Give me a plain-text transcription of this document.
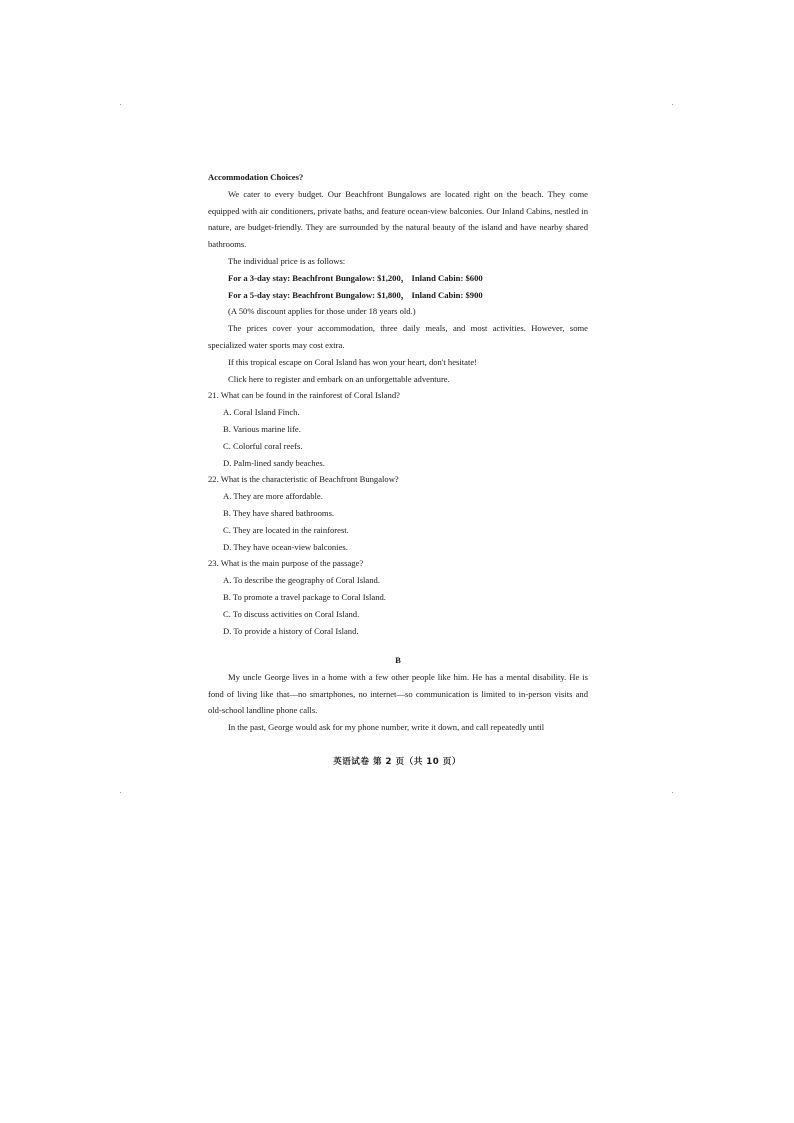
Accommodation Choices?

We cater to every budget. Our Beachfront Bungalows are located right on the beach. They come equipped with air conditioners, private baths, and feature ocean-view balconies. Our Inland Cabins, nestled in nature, are budget-friendly. They are surrounded by the natural beauty of the island and have nearby shared bathrooms.

The individual price is as follows:

For a 3-day stay: Beachfront Bungalow: $1,200， Inland Cabin: $600

For a 5-day stay: Beachfront Bungalow: $1,800， Inland Cabin: $900

(A 50% discount applies for those under 18 years old.)

The prices cover your accommodation, three daily meals, and most activities. However, some specialized water sports may cost extra.

If this tropical escape on Coral Island has won your heart, don't hesitate!

Click here to register and embark on an unforgettable adventure.

21. What can be found in the rainforest of Coral Island?

A. Coral Island Finch.

B. Various marine life.

C. Colorful coral reefs.

D. Palm-lined sandy beaches.

22. What is the characteristic of Beachfront Bungalow?

A. They are more affordable.

B. They have shared bathrooms.

C. They are located in the rainforest.

D. They have ocean-view balconies.

23. What is the main purpose of the passage?

A. To describe the geography of Coral Island.

B. To promote a travel package to Coral Island.

C. To discuss activities on Coral Island.

D. To provide a history of Coral Island.

B

My uncle George lives in a home with a few other people like him. He has a mental disability. He is fond of living like that—no smartphones, no internet—so communication is limited to in-person visits and old-school landline phone calls.

In the past, George would ask for my phone number, write it down, and call repeatedly until

英语试卷 第 2 页（共 10 页）
